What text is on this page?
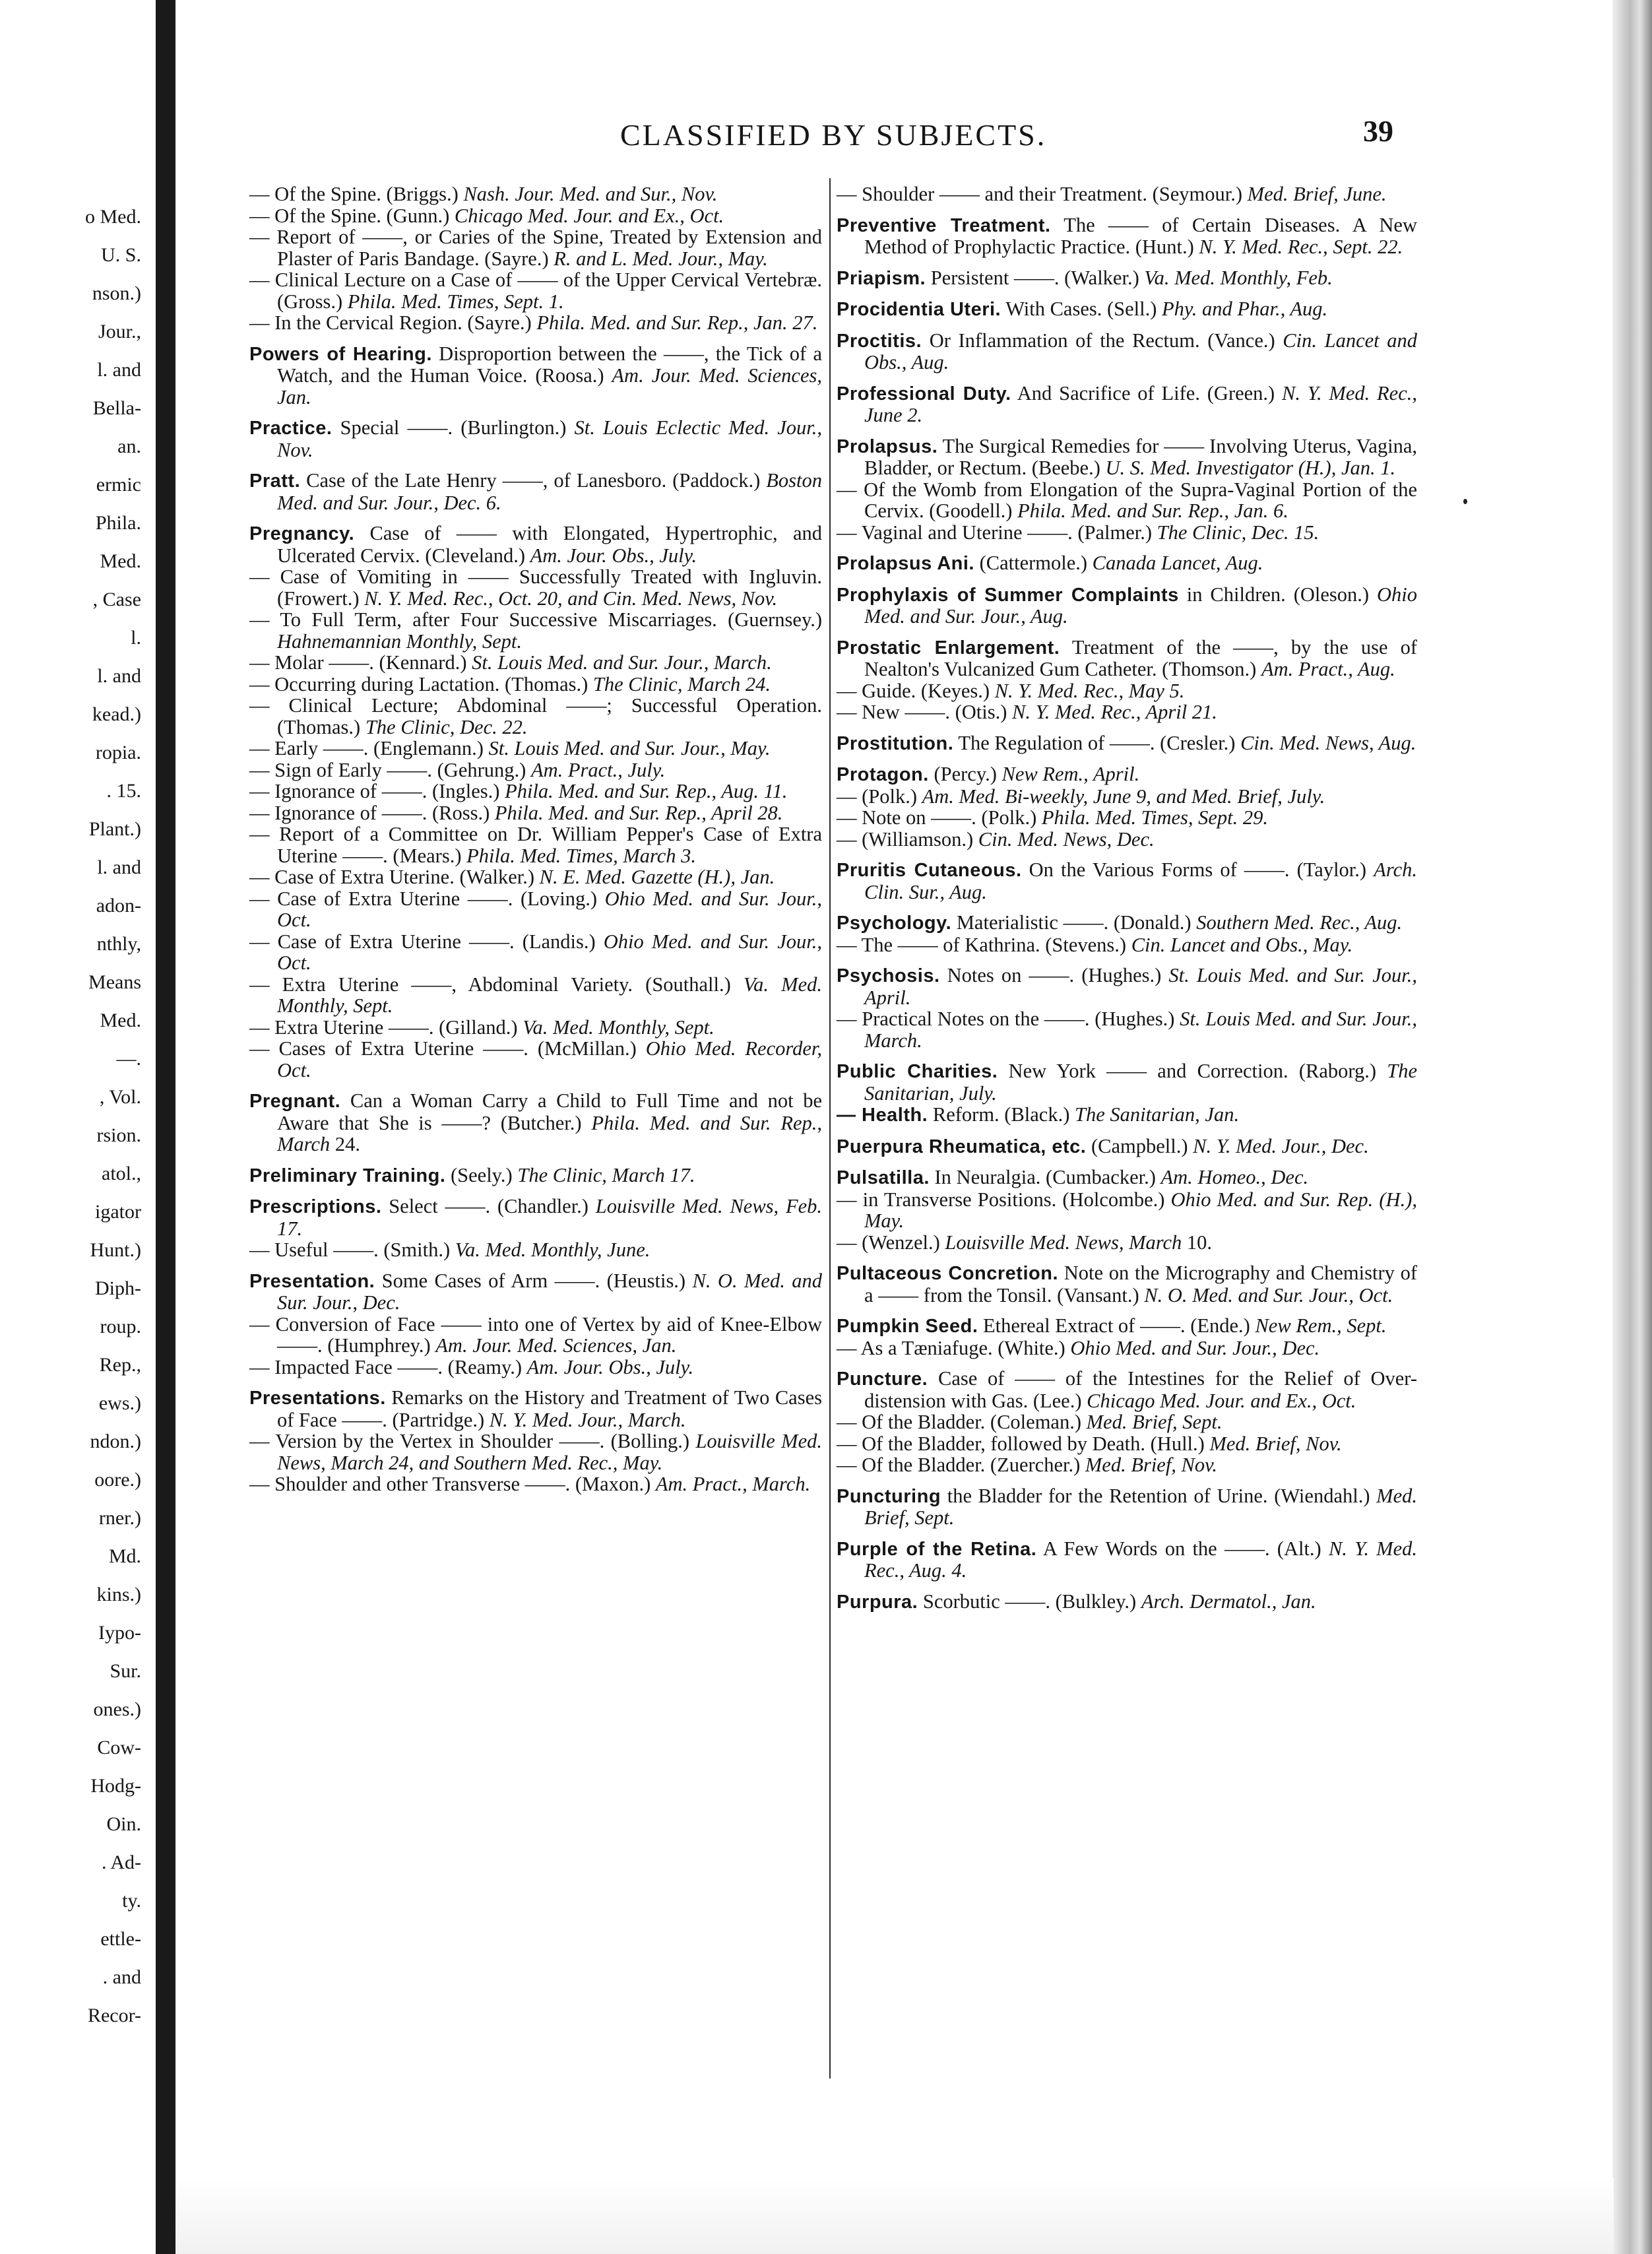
CLASSIFIED BY SUBJECTS.	39
o Med.
U. S.
nson.)
Jour.,
l. and
Bella-
an.
ermic
Phila.
Med.
, Case
l.
l. and
kead.)
ropia.
. 15.
Plant.)
l. and
adon-
nthly,
Means
Med.
—.
, Vol.
rsion.
atol.,
igator
Hunt.)
Diph-
roup.
Rep.,
ews.)
ndon.)
oore.)
rner.)
Md.
kins.)
Iypo-
Sur.
ones.)
Cow-
Hodg-
Oin.
. Ad-
ty.
ettle-
. and
Recor-

— Of the Spine. (Briggs.) Nash. Jour. Med. and Sur., Nov.

— Of the Spine. (Gunn.) Chicago Med. Jour. and Ex., Oct.

— Report of ——, or Caries of the Spine, Treated by Extension and Plaster of Paris Bandage. (Sayre.) R. and L. Med. Jour., May.

— Clinical Lecture on a Case of —— of the Upper Cervical Vertebræ. (Gross.) Phila. Med. Times, Sept. 1.

— In the Cervical Region. (Sayre.) Phila. Med. and Sur. Rep., Jan. 27.

Powers of Hearing. Disproportion between the ——, the Tick of a Watch, and the Human Voice. (Roosa.) Am. Jour. Med. Sciences, Jan.

Practice. Special ——. (Burlington.) St. Louis Eclectic Med. Jour., Nov.

Pratt. Case of the Late Henry ——, of Lanesboro. (Paddock.) Boston Med. and Sur. Jour., Dec. 6.

Pregnancy. Case of —— with Elongated, Hypertrophic, and Ulcerated Cervix. (Cleveland.) Am. Jour. Obs., July.

— Case of Vomiting in —— Successfully Treated with Ingluvin. (Frowert.) N. Y. Med. Rec., Oct. 20, and Cin. Med. News, Nov.

— To Full Term, after Four Successive Miscarriages. (Guernsey.) Hahnemannian Monthly, Sept.

— Molar ——. (Kennard.) St. Louis Med. and Sur. Jour., March.

— Occurring during Lactation. (Thomas.) The Clinic, March 24.

— Clinical Lecture; Abdominal ——; Successful Operation. (Thomas.) The Clinic, Dec. 22.

— Early ——. (Englemann.) St. Louis Med. and Sur. Jour., May.

— Sign of Early ——. (Gehrung.) Am. Pract., July.

— Ignorance of ——. (Ingles.) Phila. Med. and Sur. Rep., Aug. 11.

— Ignorance of ——. (Ross.) Phila. Med. and Sur. Rep., April 28.

— Report of a Committee on Dr. William Pepper's Case of Extra Uterine ——. (Mears.) Phila. Med. Times, March 3.

— Case of Extra Uterine. (Walker.) N. E. Med. Gazette (H.), Jan.

— Case of Extra Uterine ——. (Loving.) Ohio Med. and Sur. Jour., Oct.

— Case of Extra Uterine ——. (Landis.) Ohio Med. and Sur. Jour., Oct.

— Extra Uterine ——, Abdominal Variety. (Southall.) Va. Med. Monthly, Sept.

— Extra Uterine ——. (Gilland.) Va. Med. Monthly, Sept.

— Cases of Extra Uterine ——. (McMillan.) Ohio Med. Recorder, Oct.

Pregnant. Can a Woman Carry a Child to Full Time and not be Aware that She is ——? (Butcher.) Phila. Med. and Sur. Rep., March 24.

Preliminary Training. (Seely.) The Clinic, March 17.

Prescriptions. Select ——. (Chandler.) Louisville Med. News, Feb. 17.

— Useful ——. (Smith.) Va. Med. Monthly, June.

Presentation. Some Cases of Arm ——. (Heustis.) N. O. Med. and Sur. Jour., Dec.

— Conversion of Face —— into one of Vertex by aid of Knee-Elbow ——. (Humphrey.) Am. Jour. Med. Sciences, Jan.

— Impacted Face ——. (Reamy.) Am. Jour. Obs., July.

Presentations. Remarks on the History and Treatment of Two Cases of Face ——. (Partridge.) N. Y. Med. Jour., March.

— Version by the Vertex in Shoulder ——. (Bolling.) Louisville Med. News, March 24, and Southern Med. Rec., May.

— Shoulder and other Transverse ——. (Maxon.) Am. Pract., March.

— Shoulder —— and their Treatment. (Seymour.) Med. Brief, June.

Preventive Treatment. The —— of Certain Diseases. A New Method of Prophylactic Practice. (Hunt.) N. Y. Med. Rec., Sept. 22.

Priapism. Persistent ——. (Walker.) Va. Med. Monthly, Feb.

Procidentia Uteri. With Cases. (Sell.) Phy. and Phar., Aug.

Proctitis. Or Inflammation of the Rectum. (Vance.) Cin. Lancet and Obs., Aug.

Professional Duty. And Sacrifice of Life. (Green.) N. Y. Med. Rec., June 2.

Prolapsus. The Surgical Remedies for —— Involving Uterus, Vagina, Bladder, or Rectum. (Beebe.) U. S. Med. Investigator (H.), Jan. 1.

— Of the Womb from Elongation of the Supra-Vaginal Portion of the Cervix. (Goodell.) Phila. Med. and Sur. Rep., Jan. 6.

— Vaginal and Uterine ——. (Palmer.) The Clinic, Dec. 15.

Prolapsus Ani. (Cattermole.) Canada Lancet, Aug.

Prophylaxis of Summer Complaints in Children. (Oleson.) Ohio Med. and Sur. Jour., Aug.

Prostatic Enlargement. Treatment of the ——, by the use of Nealton's Vulcanized Gum Catheter. (Thomson.) Am. Pract., Aug.

— Guide. (Keyes.) N. Y. Med. Rec., May 5.

— New ——. (Otis.) N. Y. Med. Rec., April 21.

Prostitution. The Regulation of ——. (Cresler.) Cin. Med. News, Aug.

Protagon. (Percy.) New Rem., April.

— (Polk.) Am. Med. Bi-weekly, June 9, and Med. Brief, July.

— Note on ——. (Polk.) Phila. Med. Times, Sept. 29.

— (Williamson.) Cin. Med. News, Dec.

Pruritis Cutaneous. On the Various Forms of ——. (Taylor.) Arch. Clin. Sur., Aug.

Psychology. Materialistic ——. (Donald.) Southern Med. Rec., Aug.

— The —— of Kathrina. (Stevens.) Cin. Lancet and Obs., May.

Psychosis. Notes on ——. (Hughes.) St. Louis Med. and Sur. Jour., April.

— Practical Notes on the ——. (Hughes.) St. Louis Med. and Sur. Jour., March.

Public Charities. New York —— and Correction. (Raborg.) The Sanitarian, July.

— Health. Reform. (Black.) The Sanitarian, Jan.

Puerpura Rheumatica, etc. (Campbell.) N. Y. Med. Jour., Dec.

Pulsatilla. In Neuralgia. (Cumbacker.) Am. Homeo., Dec.

— in Transverse Positions. (Holcombe.) Ohio Med. and Sur. Rep. (H.), May.

— (Wenzel.) Louisville Med. News, March 10.

Pultaceous Concretion. Note on the Micrography and Chemistry of a —— from the Tonsil. (Vansant.) N. O. Med. and Sur. Jour., Oct.

Pumpkin Seed. Ethereal Extract of ——. (Ende.) New Rem., Sept.

— As a Tæniafuge. (White.) Ohio Med. and Sur. Jour., Dec.

Puncture. Case of —— of the Intestines for the Relief of Over-distension with Gas. (Lee.) Chicago Med. Jour. and Ex., Oct.

— Of the Bladder. (Coleman.) Med. Brief, Sept.

— Of the Bladder, followed by Death. (Hull.) Med. Brief, Nov.

— Of the Bladder. (Zuercher.) Med. Brief, Nov.

Puncturing the Bladder for the Retention of Urine. (Wiendahl.) Med. Brief, Sept.

Purple of the Retina. A Few Words on the ——. (Alt.) N. Y. Med. Rec., Aug. 4.

Purpura. Scorbutic ——. (Bulkley.) Arch. Dermatol., Jan.
